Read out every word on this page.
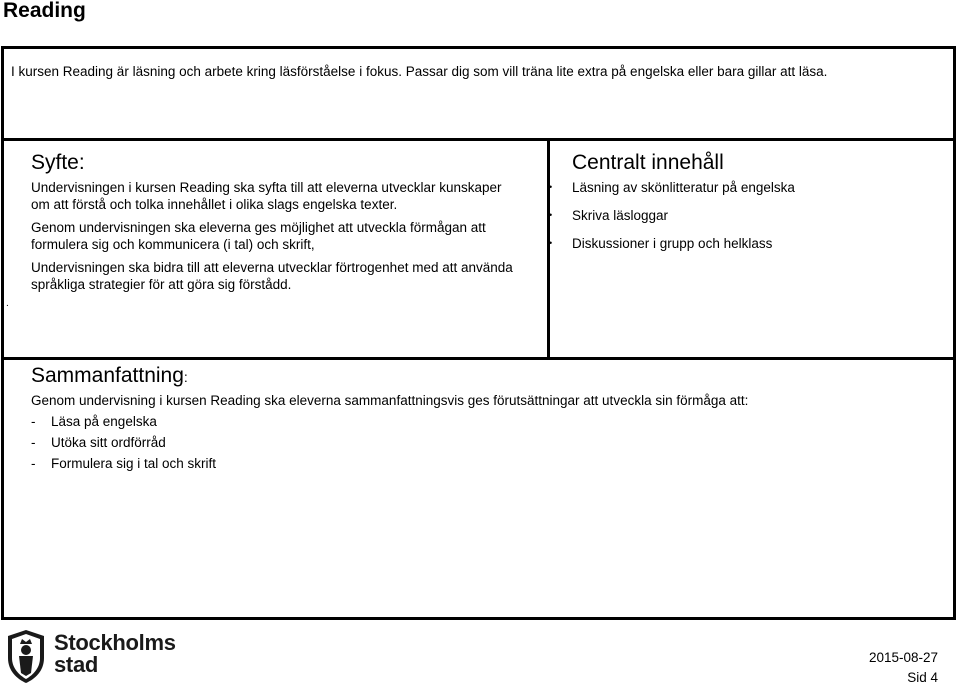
Reading
I kursen Reading är läsning och arbete kring läsförståelse i fokus. Passar dig som vill träna lite extra på engelska eller bara gillar att läsa.
Syfte:

Undervisningen i kursen Reading ska syfta till att eleverna utvecklar kunskaper
om att förstå och tolka innehållet i olika slags engelska texter.

Genom undervisningen ska eleverna ges möjlighet att utveckla förmågan att
formulera sig och kommunicera (i tal) och skrift,

Undervisningen ska bidra till att eleverna utvecklar förtrogenhet med att använda
språkliga strategier för att göra sig förstådd.

.
Centralt innehåll
• Läsning av skönlitteratur på engelska
• Skriva läsloggar
• Diskussioner i grupp och helklass
Sammanfattning:
Genom undervisning i kursen Reading ska eleverna sammanfattningsvis ges förutsättningar att utveckla sin förmåga att:
- Läsa på engelska
- Utöka sitt ordförråd
- Formulera sig i tal och skrift
Stockholms
stad	2015-08-27
Sid 4
